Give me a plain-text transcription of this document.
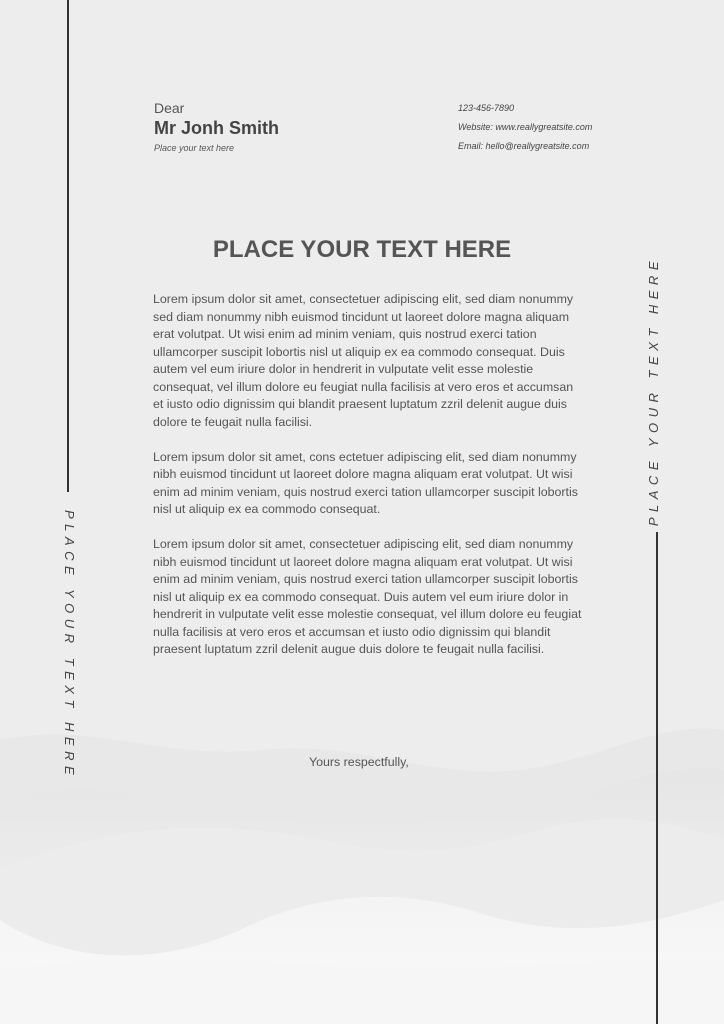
PLACE YOUR TEXT HERE
PLACE YOUR TEXT HERE
Dear
Mr Jonh Smith
Place your text here
123-456-7890
Website: www.reallygreatsite.com
Email: hello@reallygreatsite.com
PLACE YOUR TEXT HERE

Lorem ipsum dolor sit amet, consectetuer adipiscing elit, sed diam nonummy sed diam nonummy nibh euismod tincidunt ut laoreet dolore magna aliquam erat volutpat. Ut wisi enim ad minim veniam, quis nostrud exerci tation ullamcorper suscipit lobortis nisl ut aliquip ex ea commodo consequat. Duis autem vel eum iriure dolor in hendrerit in vulputate velit esse molestie consequat, vel illum dolore eu feugiat nulla facilisis at vero eros et accumsan et iusto odio dignissim qui blandit praesent luptatum zzril delenit augue duis dolore te feugait nulla facilisi.

Lorem ipsum dolor sit amet, cons ectetuer adipiscing elit, sed diam nonummy nibh euismod tincidunt ut laoreet dolore magna aliquam erat volutpat. Ut wisi enim ad minim veniam, quis nostrud exerci tation ullamcorper suscipit lobortis nisl ut aliquip ex ea commodo consequat.

Lorem ipsum dolor sit amet, consectetuer adipiscing elit, sed diam nonummy nibh euismod tincidunt ut laoreet dolore magna aliquam erat volutpat. Ut wisi enim ad minim veniam, quis nostrud exerci tation ullamcorper suscipit lobortis nisl ut aliquip ex ea commodo consequat. Duis autem vel eum iriure dolor in hendrerit in vulputate velit esse molestie consequat, vel illum dolore eu feugiat nulla facilisis at vero eros et accumsan et iusto odio dignissim qui blandit praesent luptatum zzril delenit augue duis dolore te feugait nulla facilisi.

Yours respectfully,
